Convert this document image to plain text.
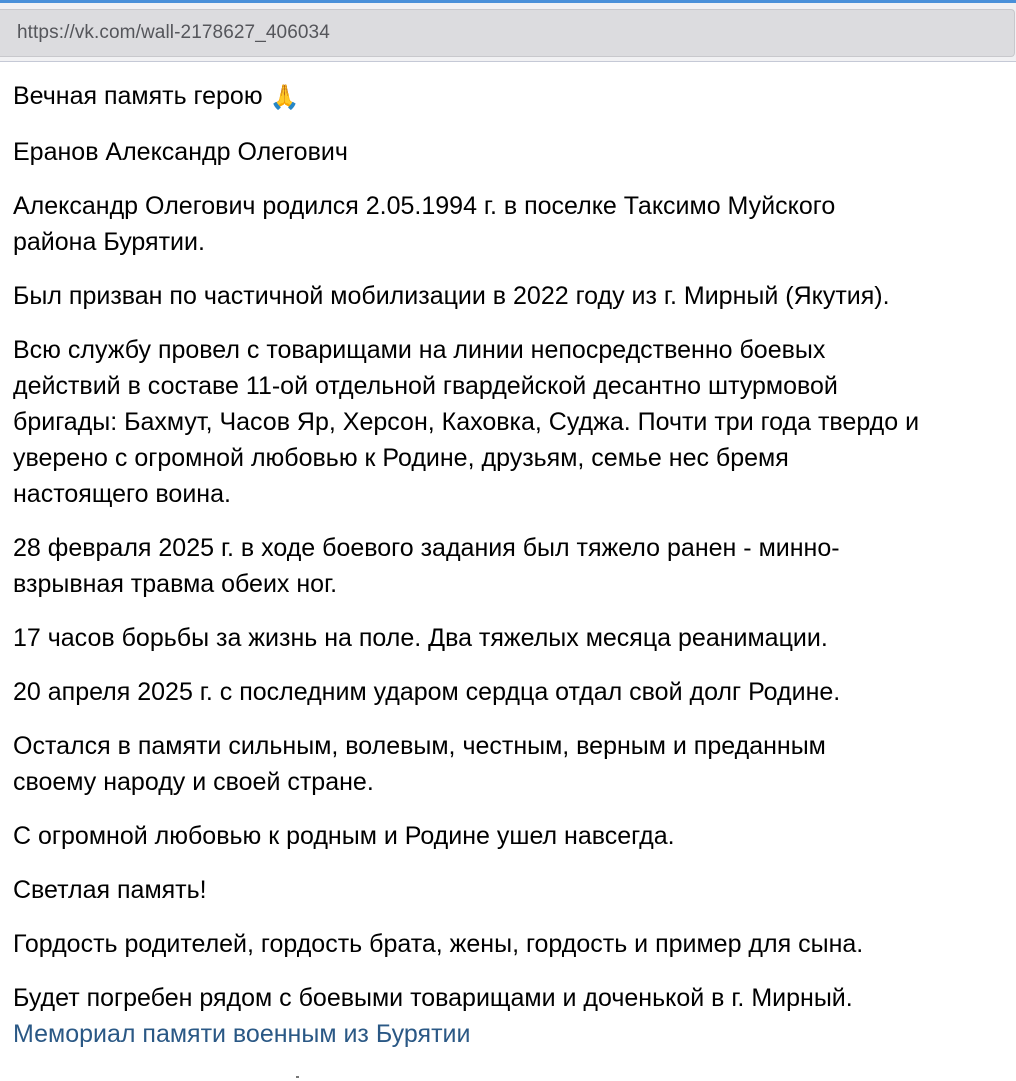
https://vk.com/wall-2178627_406034

Вечная память герою 🙏

Еранов Александр Олегович

Александр Олегович родился 2.05.1994 г. в поселке Таксимо Муйского
района Бурятии.

Был призван по частичной мобилизации в 2022 году из г. Мирный (Якутия).

Всю службу провел с товарищами на линии непосредственно боевых
действий в составе 11-ой отдельной гвардейской десантно штурмовой
бригады: Бахмут, Часов Яр, Херсон, Каховка, Суджа. Почти три года твердо и
уверено с огромной любовью к Родине, друзьям, семье нес бремя
настоящего воина.

28 февраля 2025 г. в ходе боевого задания был тяжело ранен - минно-
взрывная травма обеих ног.

17 часов борьбы за жизнь на поле. Два тяжелых месяца реанимации.

20 апреля 2025 г. с последним ударом сердца отдал свой долг Родине.

Остался в памяти сильным, волевым, честным, верным и преданным
своему народу и своей стране.

С огромной любовью к родным и Родине ушел навсегда.

Светлая память!

Гордость родителей, гордость брата, жены, гордость и пример для сына.

Будет погребен рядом с боевыми товарищами и доченькой в г. Мирный.
Мемориал памяти военным из Бурятии
